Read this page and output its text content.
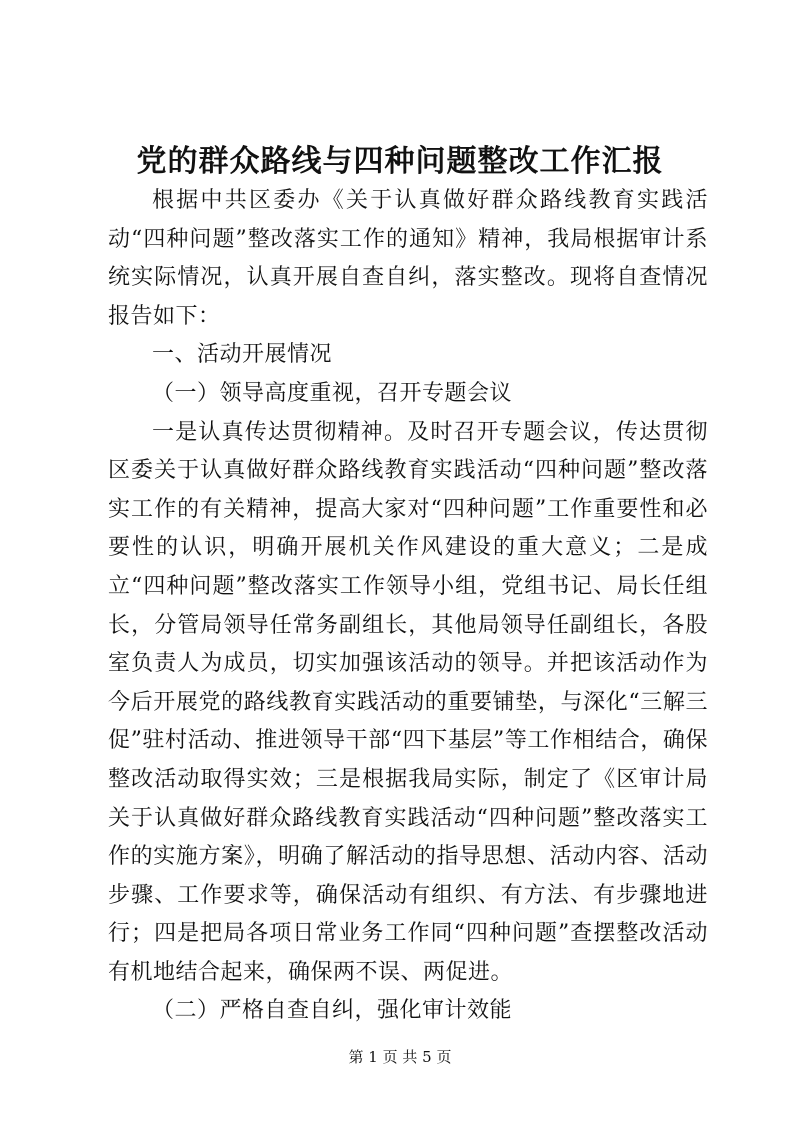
党的群众路线与四种问题整改工作汇报

根据中共区委办《关于认真做好群众路线教育实践活动“四种问题”整改落实工作的通知》精神，我局根据审计系统实际情况，认真开展自查自纠，落实整改。现将自查情况报告如下：

一、活动开展情况

（一）领导高度重视，召开专题会议

一是认真传达贯彻精神。及时召开专题会议，传达贯彻区委关于认真做好群众路线教育实践活动“四种问题”整改落实工作的有关精神，提高大家对“四种问题”工作重要性和必要性的认识，明确开展机关作风建设的重大意义；二是成立“四种问题”整改落实工作领导小组，党组书记、局长任组长，分管局领导任常务副组长，其他局领导任副组长，各股室负责人为成员，切实加强该活动的领导。并把该活动作为今后开展党的路线教育实践活动的重要铺垫，与深化“三解三促”驻村活动、推进领导干部“四下基层”等工作相结合，确保整改活动取得实效；三是根据我局实际，制定了《区审计局关于认真做好群众路线教育实践活动“四种问题”整改落实工作的实施方案》，明确了解活动的指导思想、活动内容、活动步骤、工作要求等，确保活动有组织、有方法、有步骤地进行；四是把局各项日常业务工作同“四种问题”查摆整改活动有机地结合起来，确保两不误、两促进。

（二）严格自查自纠，强化审计效能

第 1 页 共 5 页
